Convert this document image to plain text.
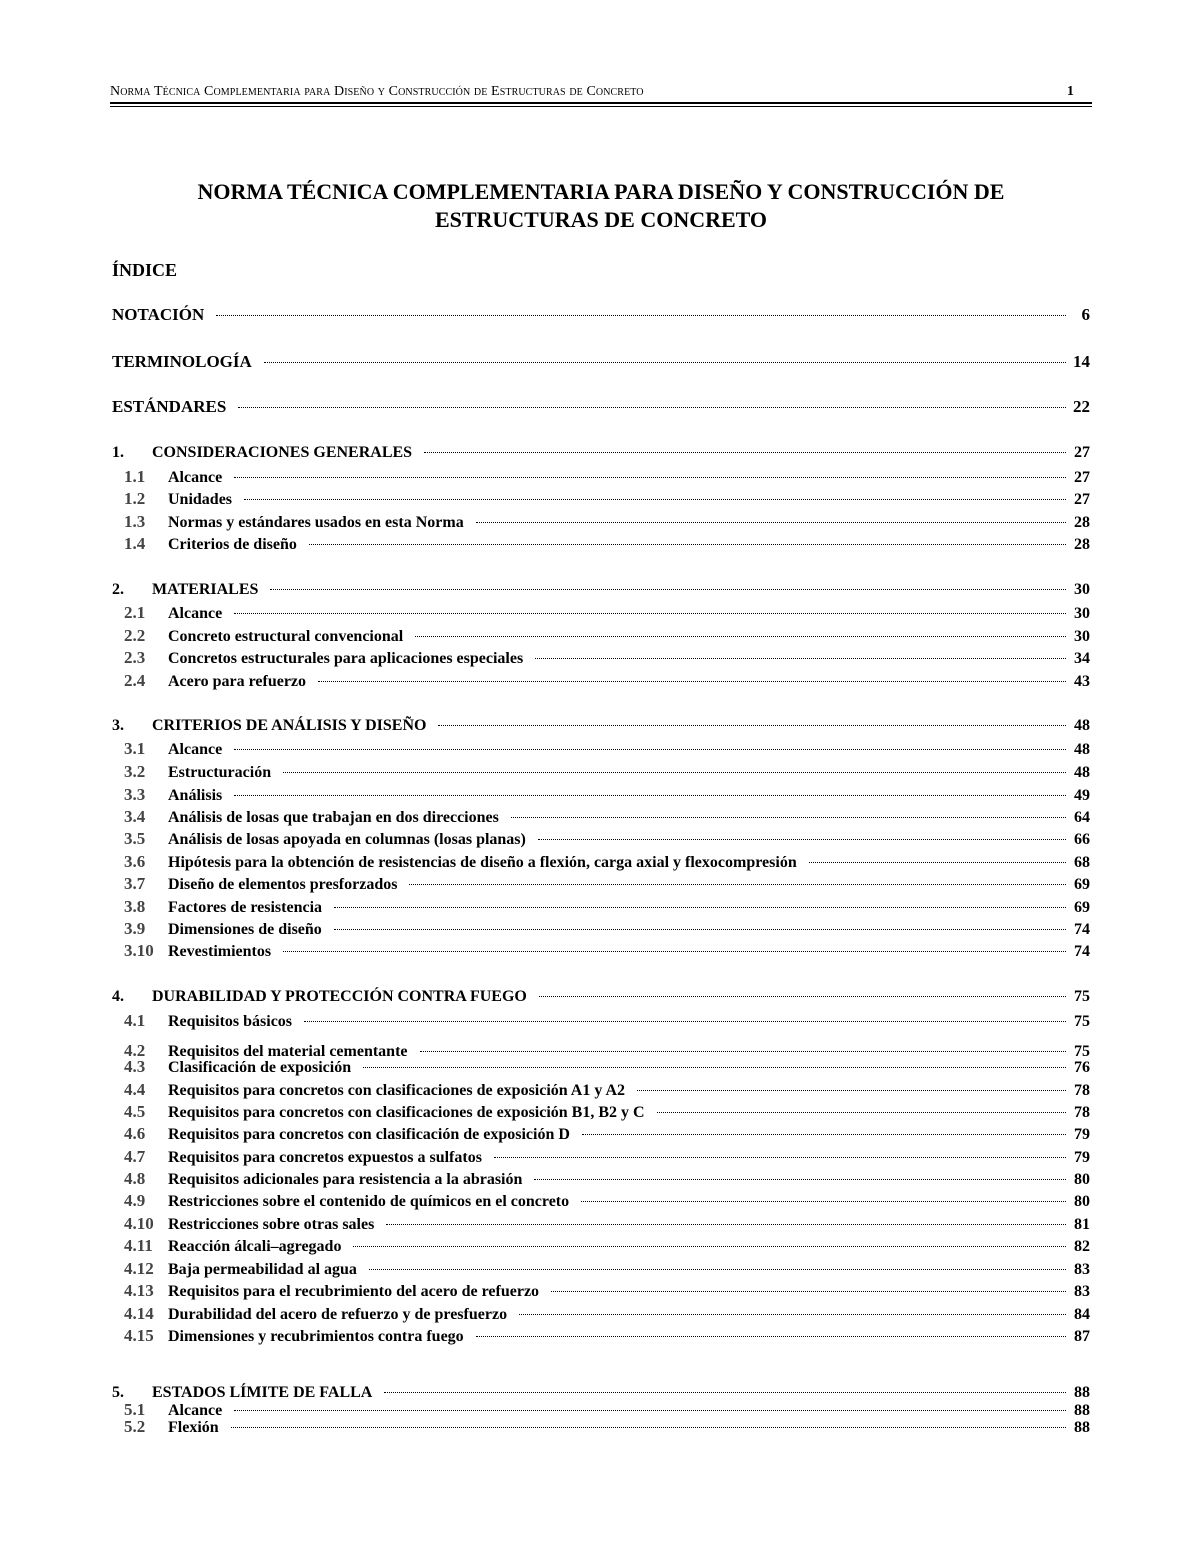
Norma Técnica Complementaria para Diseño y Construcción de Estructuras de Concreto	1
NORMA TÉCNICA COMPLEMENTARIA PARA DISEÑO Y CONSTRUCCIÓN DE
ESTRUCTURAS DE CONCRETO
ÍNDICE
NOTACIÓN	6
TERMINOLOGÍA	14
ESTÁNDARES	22
1.	CONSIDERACIONES GENERALES	27
1.1	Alcance	27
1.2	Unidades	27
1.3	Normas y estándares usados en esta Norma	28
1.4	Criterios de diseño	28
2.	MATERIALES	30
2.1	Alcance	30
2.2	Concreto estructural convencional	30
2.3	Concretos estructurales para aplicaciones especiales	34
2.4	Acero para refuerzo	43
3.	CRITERIOS DE ANÁLISIS Y DISEÑO	48
3.1	Alcance	48
3.2	Estructuración	48
3.3	Análisis	49
3.4	Análisis de losas que trabajan en dos direcciones	64
3.5	Análisis de losas apoyada en columnas (losas planas)	66
3.6	Hipótesis para la obtención de resistencias de diseño a flexión, carga axial y flexocompresión	68
3.7	Diseño de elementos presforzados	69
3.8	Factores de resistencia	69
3.9	Dimensiones de diseño	74
3.10 Revestimientos	74
4.	DURABILIDAD Y PROTECCIÓN CONTRA FUEGO	75
4.1	Requisitos básicos	75
4.2	Requisitos del material cementante	75
4.3	Clasificación de exposición	76
4.4	Requisitos para concretos con clasificaciones de exposición A1 y A2	78
4.5	Requisitos para concretos con clasificaciones de exposición B1, B2 y C	78
4.6	Requisitos para concretos con clasificación de exposición D	79
4.7	Requisitos para concretos expuestos a sulfatos	79
4.8	Requisitos adicionales para resistencia a la abrasión	80
4.9	Restricciones sobre el contenido de químicos en el concreto	80
4.10 Restricciones sobre otras sales	81
4.11 Reacción álcali–agregado	82
4.12 Baja permeabilidad al agua	83
4.13 Requisitos para el recubrimiento del acero de refuerzo	83
4.14 Durabilidad del acero de refuerzo y de presfuerzo	84
4.15 Dimensiones y recubrimientos contra fuego	87
5.	ESTADOS LÍMITE DE FALLA	88
5.1	Alcance	88
5.2	Flexión	88
